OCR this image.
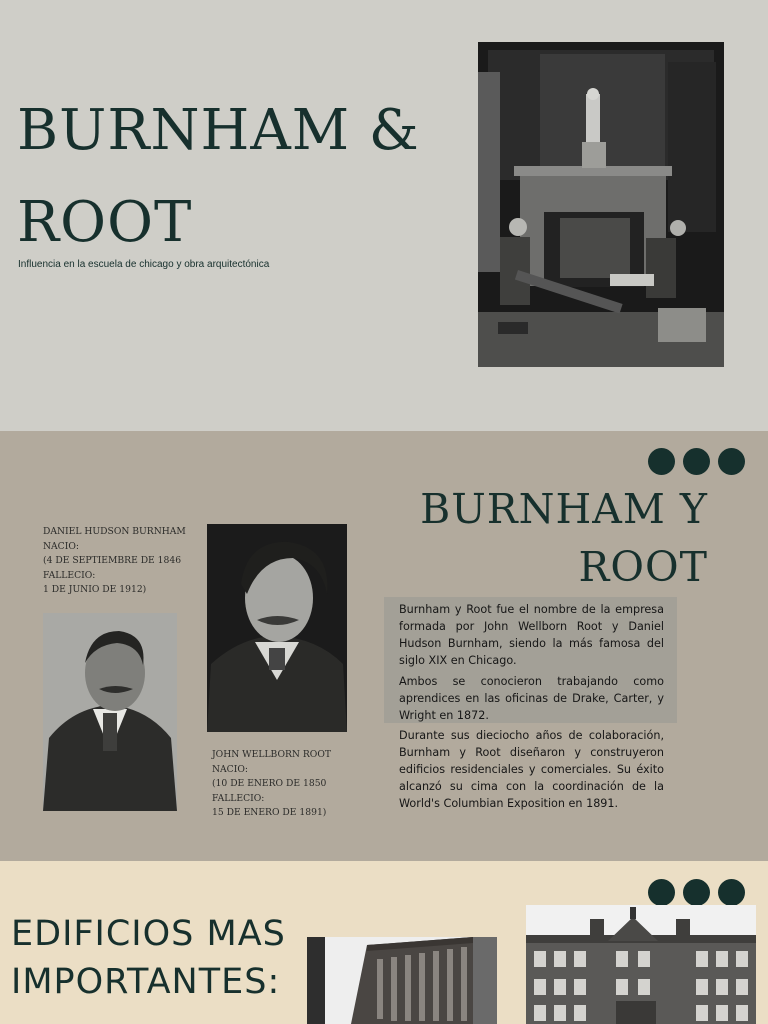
BURNHAM &
ROOT
Influencia en la escuela de chicago y obra arquitectónica
BURNHAM Y
ROOT
DANIEL HUDSON BURNHAM
NACIO:
(4 DE SEPTIEMBRE DE 1846
FALLECIO:
1 DE JUNIO DE 1912)
JOHN WELLBORN ROOT
NACIO:
(10 DE ENERO DE 1850
FALLECIO:
15 DE ENERO DE 1891)

Burnham y Root fue el nombre de la empresa formada por John Wellborn Root y Daniel Hudson Burnham, siendo la más famosa del siglo XIX en Chicago.

Ambos se conocieron trabajando como aprendices en las oficinas de Drake, Carter, y Wright en 1872.

Durante sus dieciocho años de colaboración, Burnham y Root diseñaron y construyeron edificios residenciales y comerciales. Su éxito alcanzó su cima con la coordinación de la World's Columbian Exposition en 1891.

EDIFICIOS MAS
IMPORTANTES:
